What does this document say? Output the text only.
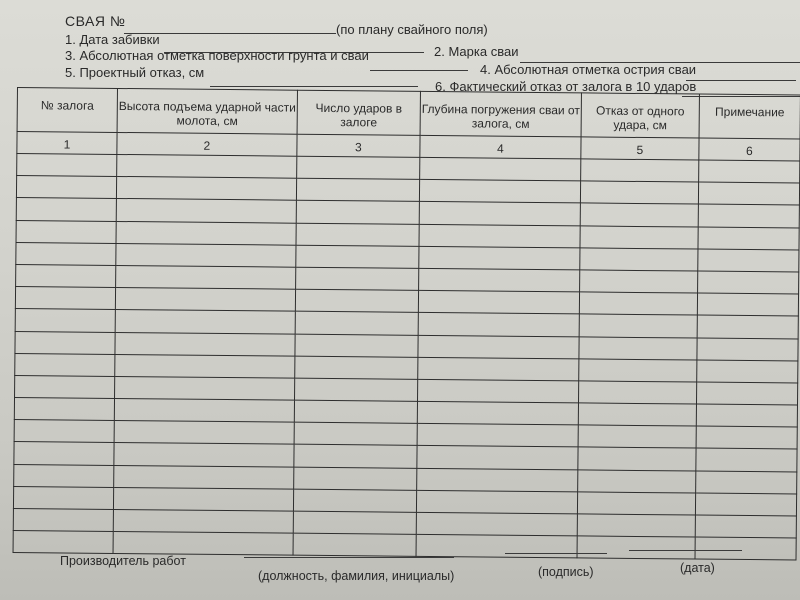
СВАЯ №
(по плану свайного поля)
1. Дата забивки
2. Марка сваи
3. Абсолютная отметка поверхности грунта и сваи
4. Абсолютная отметка острия сваи
5. Проектный отказ, см
6. Фактический отказ от залога в 10 ударов
№ залога	Высота подъема ударной части молота, см	Число ударов в залоге	Глубина погружения сваи от залога, см	Отказ от одного удара, см	Примечание
1	2	3	4	5	6

Производитель работ
(должность, фамилия, инициалы)	(подпись)	(дата)
